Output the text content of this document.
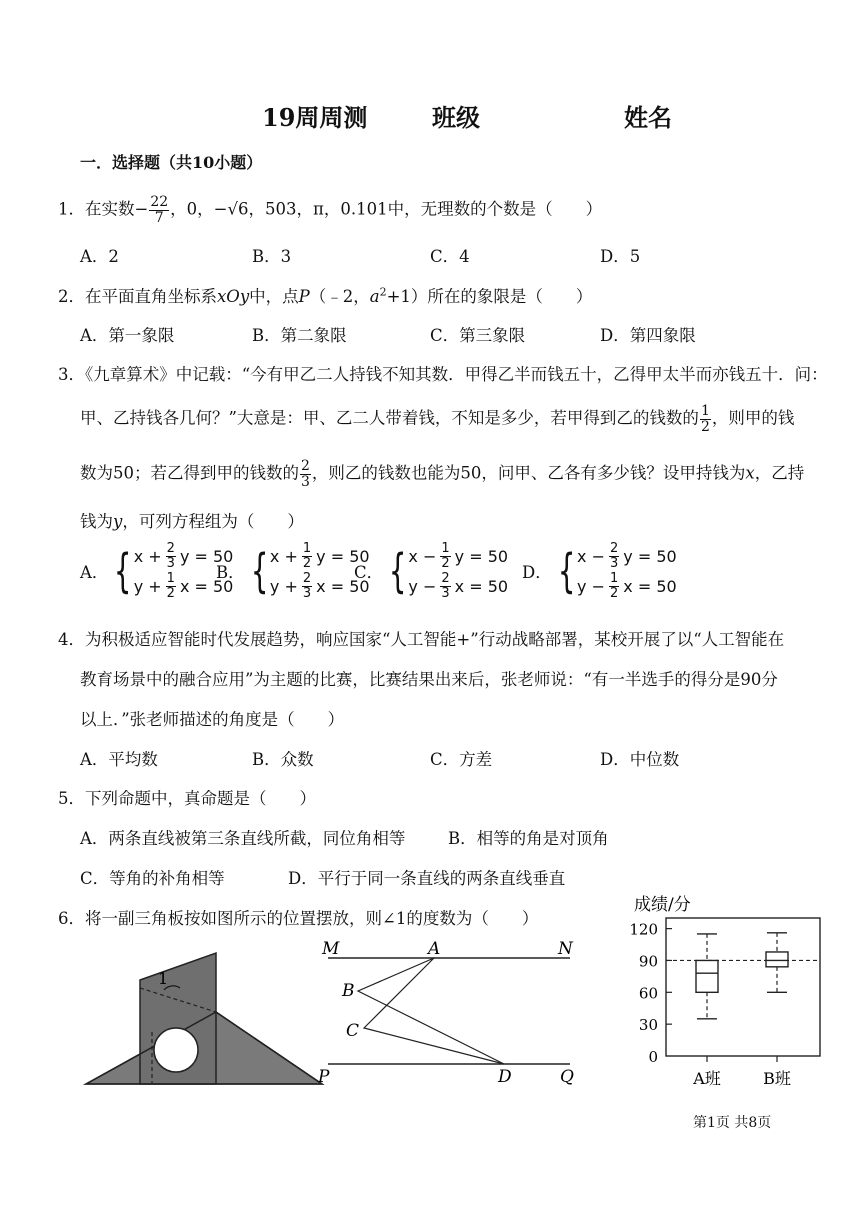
19周周测	班级	姓名
一．选择题（共10小题）
1．在实数− $\frac{22}{7}$ ，0，−√6，503，π，0.101中，无理数的个数是（　　）
A．2	B．3	C．4	D．5
2．在平面直角坐标系xOy中，点P（﹣2，$a^2+1$）所在的象限是（　　）
A．第一象限	B．第二象限	C．第三象限	D．第四象限
3．《九章算术》中记载：“今有甲乙二人持钱不知其数．甲得乙半而钱五十，乙得甲太半而亦钱五十．问：
甲、乙持钱各几何？”大意是：甲、乙二人带着钱，不知是多少，若甲得到乙的钱数的 $\frac{1}{2}$ ，则甲的钱
数为50；若乙得到甲的钱数的 $\frac{2}{3}$ ，则乙的钱数也能为50，问甲、乙各有多少钱？设甲持钱为x，乙持
钱为y，可列方程组为（　　）
A． { $x + \frac{2}{3}$ y = 50
$y + \frac{1}{2}$ x = 50
B． { $x + \frac{1}{2}$ y = 50
$y + \frac{2}{3}$ x = 50
C． { $x - \frac{1}{2}$ y = 50
$y - \frac{2}{3}$ x = 50
D． { $x - \frac{2}{3}$ y = 50
$y - \frac{1}{2}$ x = 50
4．为积极适应智能时代发展趋势，响应国家“人工智能+”行动战略部署，某校开展了以“人工智能在
教育场景中的融合应用”为主题的比赛，比赛结果出来后，张老师说：“有一半选手的得分是90分
以上．”张老师描述的角度是（　　）
A．平均数	B．众数	C．方差	D．中位数
5．下列命题中，真命题是（　　）
A．两条直线被第三条直线所截，同位角相等	B．相等的角是对顶角
C．等角的补角相等	D．平行于同一条直线的两条直线垂直
6．将一副三角板按如图所示的位置摆放，则∠1的度数为（　　）
1
M	A	N
B
C
P	D	Q
成绩/分
0
30
60
90
120
A班	B班
第1页 共8页
